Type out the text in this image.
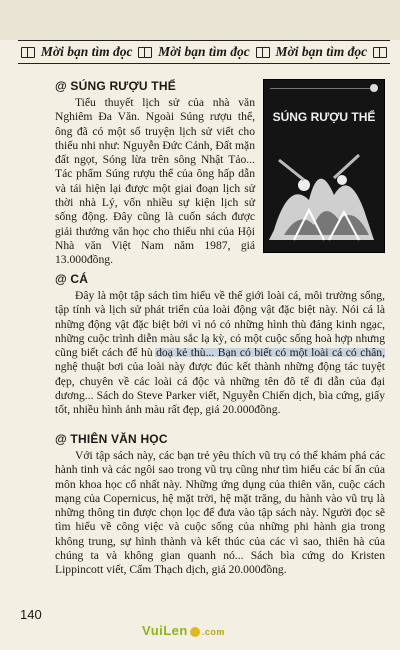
Mời bạn tìm đọc Mời bạn tìm đọc Mời bạn tìm đọc
@ SÚNG RƯỢU THỂ
Tiểu thuyết lịch sử của nhà văn Nghiêm Đa Văn. Ngoài Súng rượu thể, ông đã có một số truyện lịch sử viết cho thiếu nhi như: Nguyễn Đức Cảnh, Đất mặn đất ngọt, Sóng lừa trên sông Nhật Tảo... Tác phẩm Súng rượu thể của ông hấp dẫn và tái hiện lại được một giai đoạn lịch sử thời nhà Lý, vốn nhiều sự kiện lịch sử sống động. Đây cũng là cuốn sách được giải thưởng văn học cho thiếu nhi của Hội Nhà văn Việt Nam năm 1987, giá 13.000đồng.
SÚNG RƯỢU THỂ
@ CÁ
Đây là một tập sách tìm hiểu về thế giới loài cá, môi trường sống, tập tính và lịch sử phát triển của loài động vật đặc biệt này. Nói cá là những động vật đặc biệt bởi vì nó có những hình thù đáng kinh ngạc, những cuộc trình diễn màu sắc lạ kỳ, có một cuộc sống hoà hợp nhưng cũng biết cách để hù doạ kẻ thù... Bạn có biết có một loài cá có chân, nghệ thuật bơi của loài này được đúc kết thành những động tác tuyệt đẹp, chuyên về các loài cá độc và những tên đô tể đi dẫn của đại dương... Sách do Steve Parker viết, Nguyễn Chiến dịch, bìa cứng, giấy tốt, nhiều hình ảnh màu rất đẹp, giá 20.000đồng.
@ THIÊN VĂN HỌC
Với tập sách này, các bạn trẻ yêu thích vũ trụ có thể khám phá các hành tinh và các ngôi sao trong vũ trụ cũng như tìm hiểu các bí ẩn của môn khoa học cổ nhất này. Những ứng dụng của thiên văn, cuộc cách mạng của Copernicus, hệ mặt trời, hệ mặt trăng, du hành vào vũ trụ là những thông tin được chọn lọc để đưa vào tập sách này. Người đọc sẽ tìm hiểu về công việc và cuộc sống của những phi hành gia trong không trung, sự hình thành và kết thúc của các vì sao, thiên hà của chúng ta và không gian quanh nó... Sách bìa cứng do Kristen Lippincott viết, Cẩm Thạch dịch, giá 20.000đồng.
140
VuiLen .com
